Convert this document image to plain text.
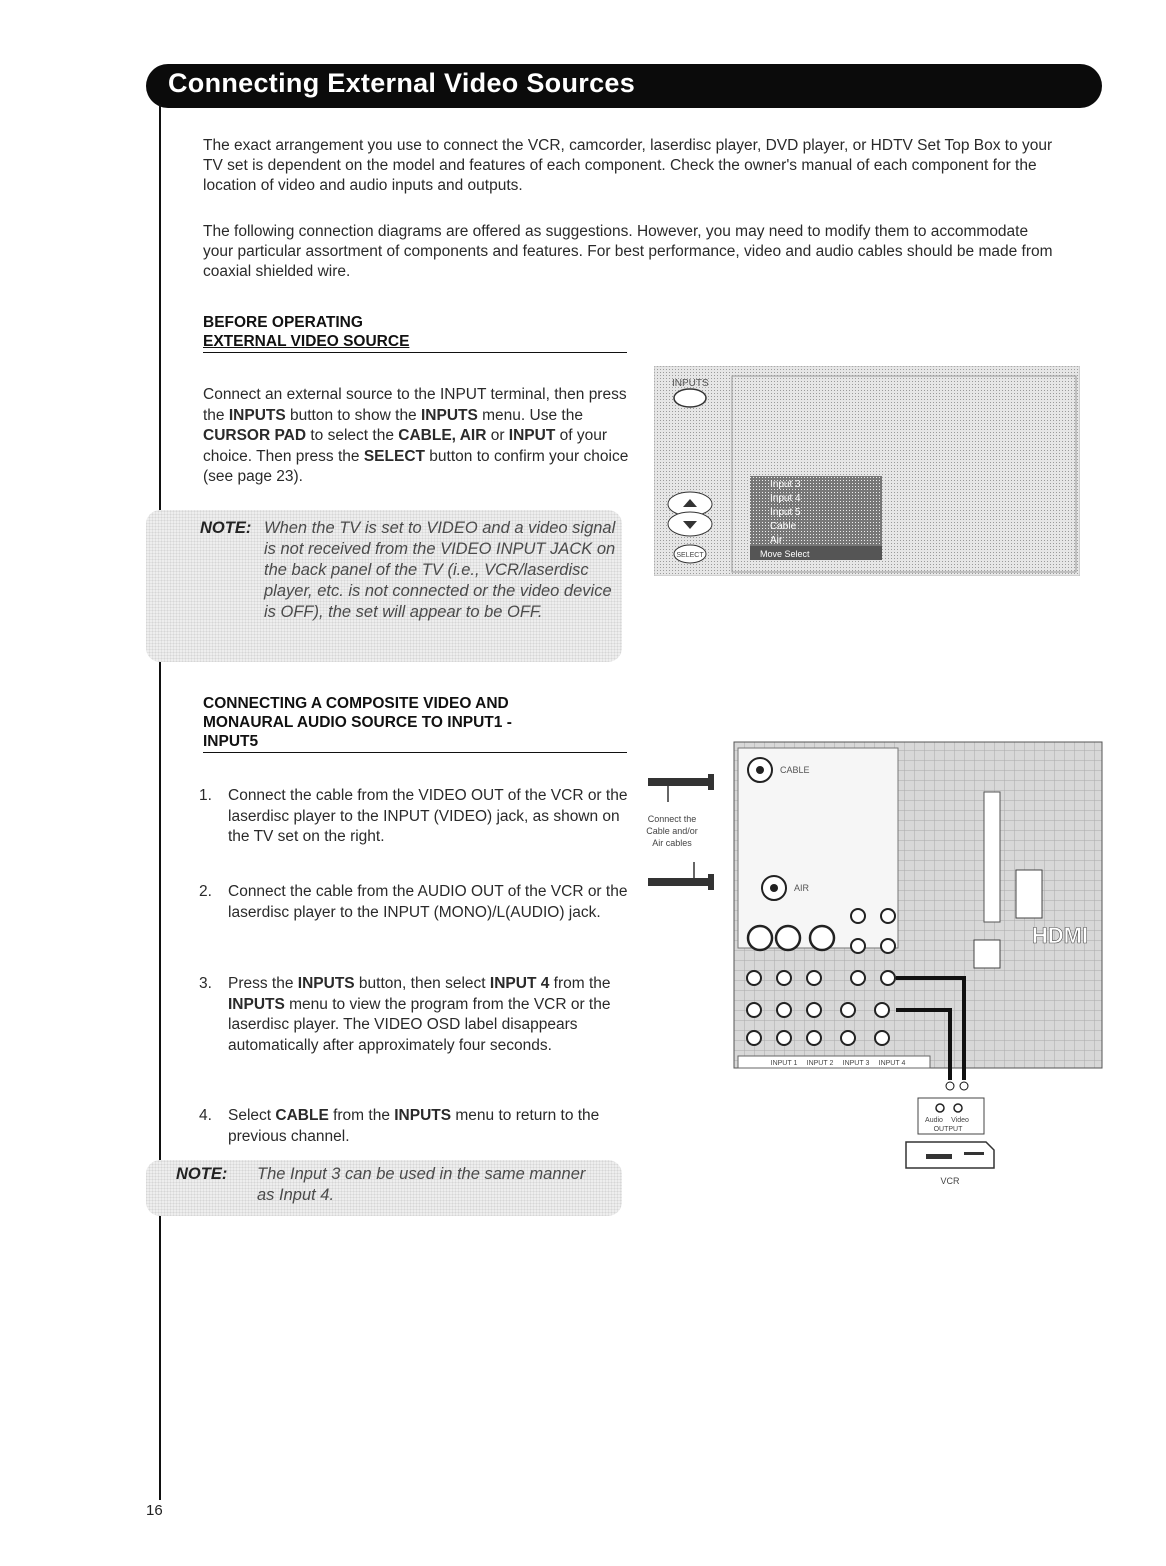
Connecting External Video Sources

The exact arrangement you use to connect the VCR, camcorder, laserdisc player, DVD player, or HDTV Set Top Box to your TV set is dependent on the model and features of each component. Check the owner's manual of each component for the location of video and audio inputs and outputs.

The following connection diagrams are offered as suggestions. However, you may need to modify them to accommodate your particular assortment of components and features. For best performance, video and audio cables should be made from coaxial shielded wire.

BEFORE OPERATING
EXTERNAL VIDEO SOURCE

Connect an external source to the INPUT terminal, then press the INPUTS button to show the INPUTS menu. Use the CURSOR PAD to select the CABLE, AIR or INPUT of your choice. Then press the SELECT button to confirm your choice (see page 23).

NOTE: When the TV is set to VIDEO and a video signal is not received from the VIDEO INPUT JACK on the back panel of the TV (i.e., VCR/laserdisc player, etc. is not connected or the video device is OFF), the set will appear to be OFF.
INPUTS
SELECT
Input 3
Input 4
Input 5
Cable
Air
Move Select
CONNECTING A COMPOSITE VIDEO AND
MONAURAL AUDIO SOURCE TO INPUT1 -
INPUT5
1. Connect the cable from the VIDEO OUT of the VCR or the laserdisc player to the INPUT (VIDEO) jack, as shown on the TV set on the right.
2. Connect the cable from the AUDIO OUT of the VCR or the laserdisc player to the INPUT (MONO)/L(AUDIO) jack.
3. Press the INPUTS button, then select INPUT 4 from the INPUTS menu to view the program from the VCR or the laserdisc player. The VIDEO OSD label disappears automatically after approximately four seconds.
4. Select CABLE from the INPUTS menu to return to the previous channel.
NOTE: The Input 3 can be used in the same manner as Input 4.
Connect the
Cable and/or
Air cables
CABLE
AIR
INPUT 1 INPUT 2 INPUT 3 INPUT 4
HDMI
Audio Video
OUTPUT
VCR
16
